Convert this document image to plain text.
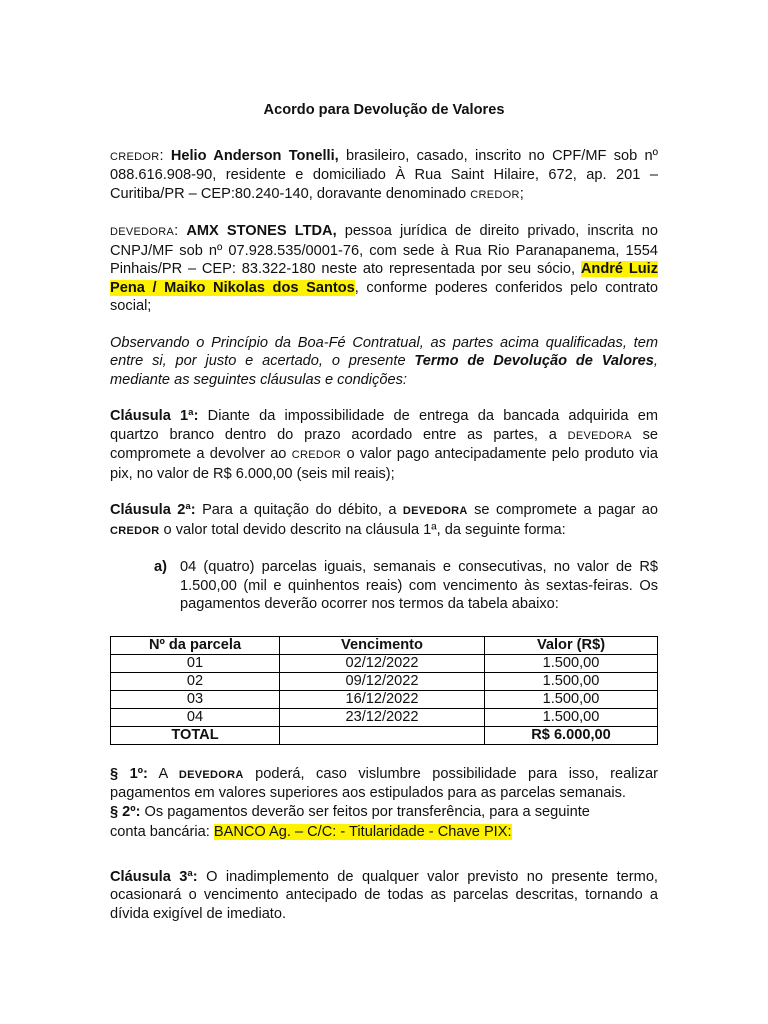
Acordo para Devolução de Valores

CREDOR: Helio Anderson Tonelli, brasileiro, casado, inscrito no CPF/MF sob nº 088.616.908-90, residente e domiciliado À Rua Saint Hilaire, 672, ap. 201 – Curitiba/PR – CEP:80.240-140, doravante denominado CREDOR;

DEVEDORA: AMX STONES LTDA, pessoa jurídica de direito privado, inscrita no CNPJ/MF sob nº 07.928.535/0001-76, com sede à Rua Rio Paranapanema, 1554 Pinhais/PR – CEP: 83.322-180 neste ato representada por seu sócio, André Luiz Pena / Maiko Nikolas dos Santos, conforme poderes conferidos pelo contrato social;

Observando o Princípio da Boa-Fé Contratual, as partes acima qualificadas, tem entre si, por justo e acertado, o presente Termo de Devolução de Valores, mediante as seguintes cláusulas e condições:

Cláusula 1ª: Diante da impossibilidade de entrega da bancada adquirida em quartzo branco dentro do prazo acordado entre as partes, a DEVEDORA se compromete a devolver ao CREDOR o valor pago antecipadamente pelo produto via pix, no valor de R$ 6.000,00 (seis mil reais);

Cláusula 2ª: Para a quitação do débito, a DEVEDORA se compromete a pagar ao CREDOR o valor total devido descrito na cláusula 1ª, da seguinte forma:

a) 04 (quatro) parcelas iguais, semanais e consecutivas, no valor de R$ 1.500,00 (mil e quinhentos reais) com vencimento às sextas-feiras. Os pagamentos deverão ocorrer nos termos da tabela abaixo:
Nº da parcela	Vencimento	Valor (R$)
01	02/12/2022	1.500,00
02	09/12/2022	1.500,00
03	16/12/2022	1.500,00
04	23/12/2022	1.500,00
TOTAL		R$ 6.000,00

§ 1º: A DEVEDORA poderá, caso vislumbre possibilidade para isso, realizar pagamentos em valores superiores aos estipulados para as parcelas semanais.

§ 2º: Os pagamentos deverão ser feitos por transferência, para a seguinte

conta bancária: BANCO Ag. – C/C: - Titularidade - Chave PIX:

Cláusula 3ª: O inadimplemento de qualquer valor previsto no presente termo, ocasionará o vencimento antecipado de todas as parcelas descritas, tornando a dívida exigível de imediato.
